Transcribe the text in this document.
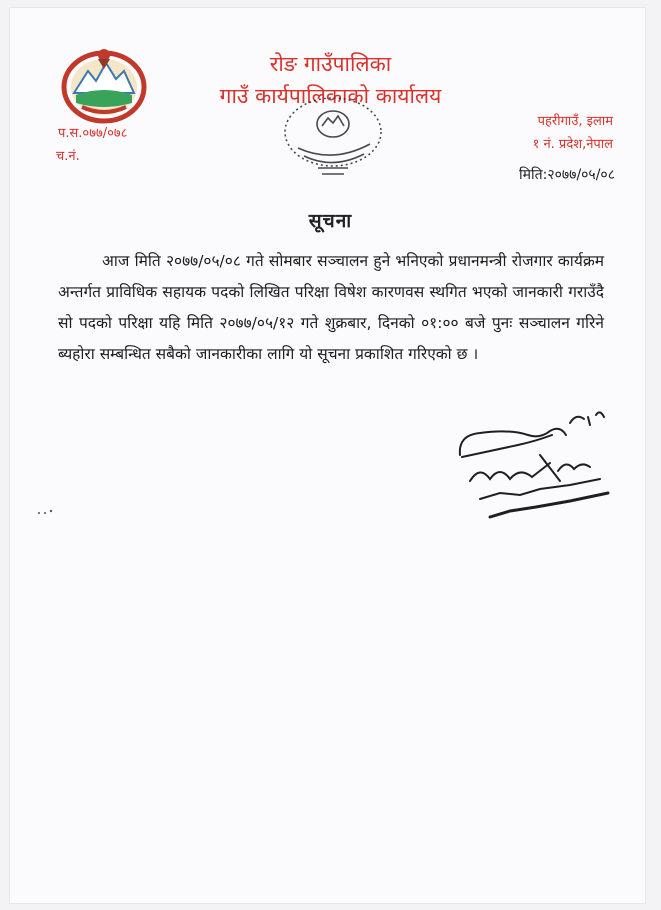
रोङ गाउँपालिका
गाउँ कार्यपालिकाको कार्यालय
प.स.०७७/०७८
च.नं.
पहरीगाउँ, इलाम
१ नं. प्रदेश,नेपाल
मिति:२०७७/०५/०८
सूचना
आज मिति २०७७/०५/०८ गते सोमबार सञ्चालन हुने भनिएको प्रधानमन्त्री रोजगार कार्यक्रम अन्तर्गत प्राविधिक सहायक पदको लिखित परिक्षा विषेश कारणवस स्थगित भएको जानकारी गराउँदै सो पदको परिक्षा यहि मिति २०७७/०५/१२ गते शुक्रबार, दिनको ०१:०० बजे पुनः सञ्चालन गरिने ब्यहोरा सम्बन्धित सबैको जानकारीका लागि यो सूचना प्रकाशित गरिएको छ ।
